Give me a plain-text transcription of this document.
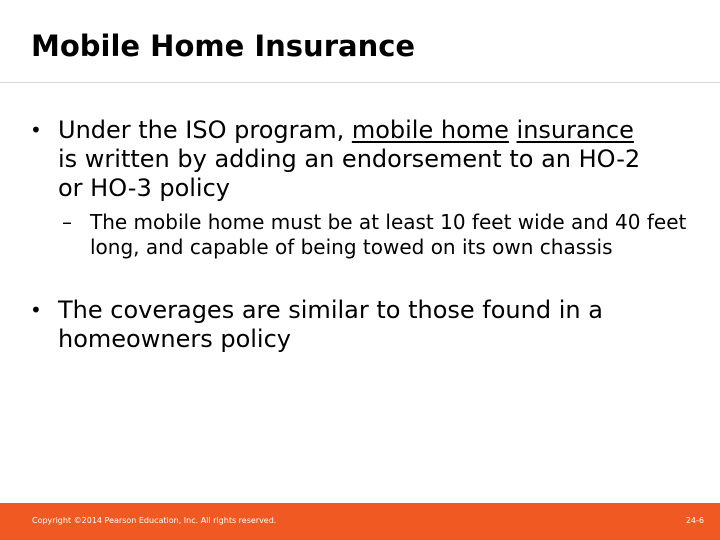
Mobile Home Insurance
• Under the ISO program, mobile home insurance is written by adding an endorsement to an HO-2 or HO-3 policy
– The mobile home must be at least 10 feet wide and 40 feet long, and capable of being towed on its own chassis
• The coverages are similar to those found in a homeowners policy
Copyright ©2014 Pearson Education, Inc. All rights reserved.	24-6
